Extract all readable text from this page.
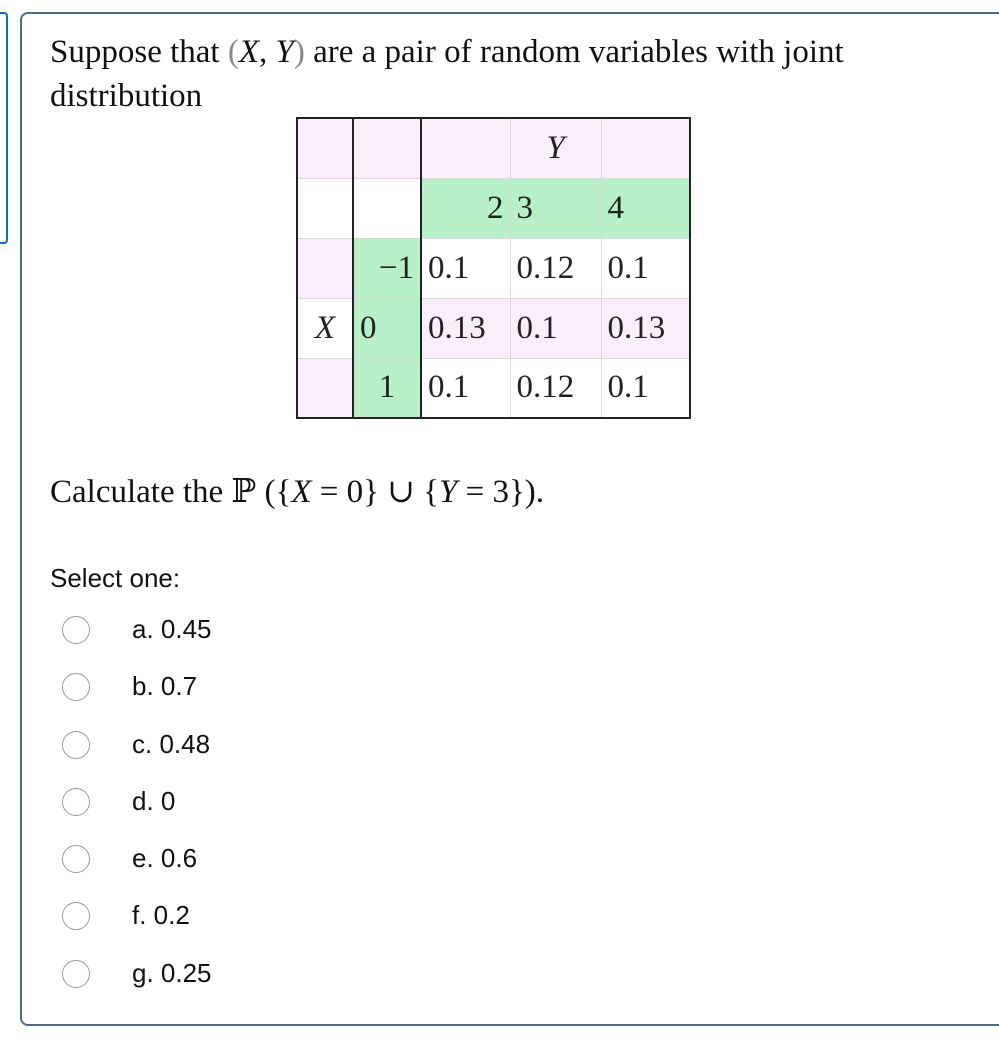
Suppose that (X, Y) are a pair of random variables with joint distribution
			Y	
		2	3	4
	−1	0.1	0.12	0.1
X	0	0.13	0.1	0.13
	1	0.1	0.12	0.1
Calculate the ℙ ({X = 0} ∪ {Y = 3}).
Select one:
a. 0.45
b. 0.7
c. 0.48
d. 0
e. 0.6
f. 0.2
g. 0.25
